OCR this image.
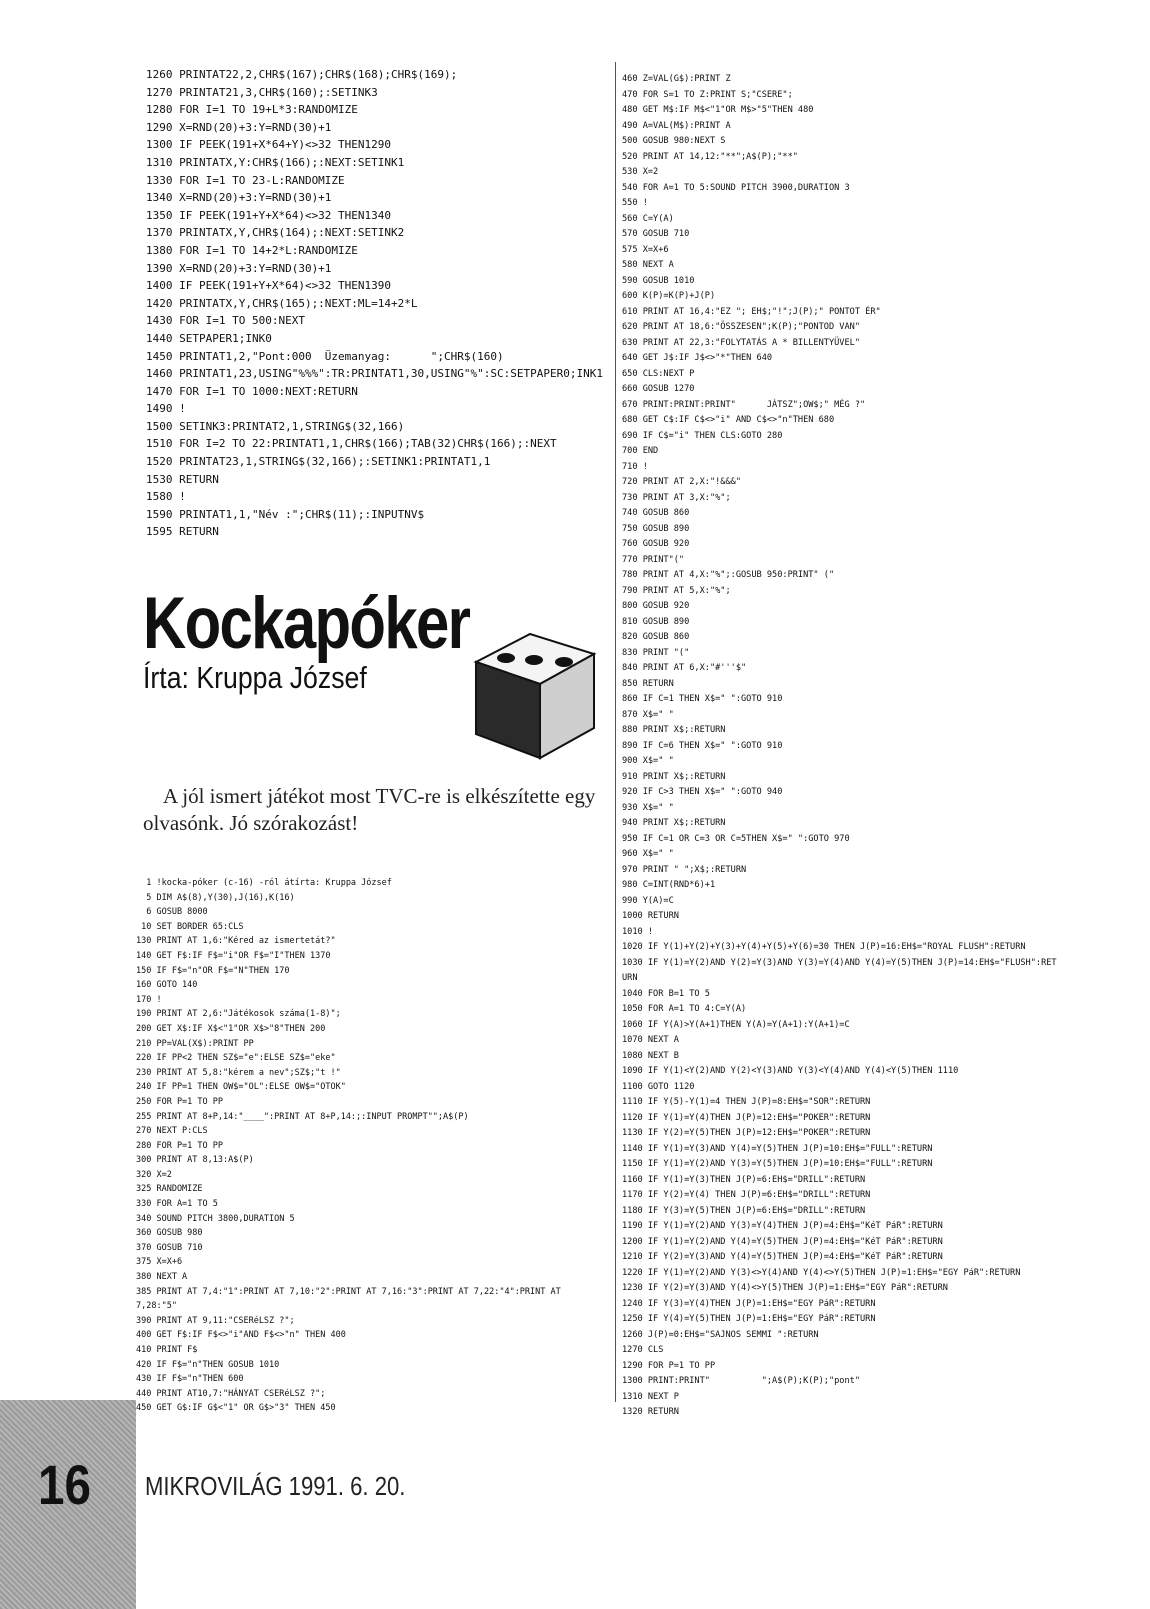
1260 PRINTAT22,2,CHR$(167);CHR$(168);CHR$(169);
1270 PRINTAT21,3,CHR$(160);:SETINK3
1280 FOR I=1 TO 19+L*3:RANDOMIZE
1290 X=RND(20)+3:Y=RND(30)+1
1300 IF PEEK(191+X*64+Y)<>32 THEN1290
1310 PRINTATX,Y:CHR$(166);:NEXT:SETINK1
1330 FOR I=1 TO 23-L:RANDOMIZE
1340 X=RND(20)+3:Y=RND(30)+1
1350 IF PEEK(191+Y+X*64)<>32 THEN1340
1370 PRINTATX,Y,CHR$(164);:NEXT:SETINK2
1380 FOR I=1 TO 14+2*L:RANDOMIZE
1390 X=RND(20)+3:Y=RND(30)+1
1400 IF PEEK(191+Y+X*64)<>32 THEN1390
1420 PRINTATX,Y,CHR$(165);:NEXT:ML=14+2*L
1430 FOR I=1 TO 500:NEXT
1440 SETPAPER1;INK0
1450 PRINTAT1,2,"Pont:000  Üzemanyag:      ";CHR$(160)
1460 PRINTAT1,23,USING"%%%":TR:PRINTAT1,30,USING"%":SC:SETPAPER0;INK1
1470 FOR I=1 TO 1000:NEXT:RETURN
1490 !
1500 SETINK3:PRINTAT2,1,STRING$(32,166)
1510 FOR I=2 TO 22:PRINTAT1,1,CHR$(166);TAB(32)CHR$(166);:NEXT
1520 PRINTAT23,1,STRING$(32,166);:SETINK1:PRINTAT1,1
1530 RETURN
1580 !
1590 PRINTAT1,1,"Név :";CHR$(11);:INPUTNV$
1595 RETURN
Kockapóker
Írta: Kruppa József
A jól ismert játékot most TVC-re is elkészítette egy olvasónk. Jó szórakozást!
1 !kocka-póker (c-16) -ról átírta: Kruppa József
5 DIM A$(8),Y(30),J(16),K(16)
6 GOSUB 8000
10 SET BORDER 65:CLS
130 PRINT AT 1,6:"Kéred az ismertetát?"
140 GET F$:IF F$="i"OR F$="I"THEN 1370
150 IF F$="n"OR F$="N"THEN 170
160 GOTO 140
170 !
190 PRINT AT 2,6:"Játékosok száma(1-8)";
200 GET X$:IF X$<"1"OR X$>"8"THEN 200
210 PP=VAL(X$):PRINT PP
220 IF PP<2 THEN SZ$="e":ELSE SZ$="eke"
230 PRINT AT 5,8:"kérem a nev";SZ$;"t !"
240 IF PP=1 THEN OW$="OL":ELSE OW$="OTOK"
250 FOR P=1 TO PP
255 PRINT AT 8+P,14:"____":PRINT AT 8+P,14:;:INPUT PROMPT"";A$(P)
270 NEXT P:CLS
280 FOR P=1 TO PP
300 PRINT AT 8,13:A$(P)
320 X=2
325 RANDOMIZE
330 FOR A=1 TO 5
340 SOUND PITCH 3800,DURATION 5
360 GOSUB 980
370 GOSUB 710
375 X=X+6
380 NEXT A
385 PRINT AT 7,4:"1":PRINT AT 7,10:"2":PRINT AT 7,16:"3":PRINT AT 7,22:"4":PRINT AT
7,28:"5"
390 PRINT AT 9,11:"CSERéLSZ ?";
400 GET F$:IF F$<>"i"AND F$<>"n" THEN 400
410 PRINT F$
420 IF F$="n"THEN GOSUB 1010
430 IF F$="n"THEN 600
440 PRINT AT10,7:"HÁNYAT CSERéLSZ ?";
450 GET G$:IF G$<"1" OR G$>"3" THEN 450
460 Z=VAL(G$):PRINT Z
470 FOR S=1 TO Z:PRINT S;"CSERE";
480 GET M$:IF M$<"1"OR M$>"5"THEN 480
490 A=VAL(M$):PRINT A
500 GOSUB 980:NEXT S
520 PRINT AT 14,12:"**";A$(P);"**"
530 X=2
540 FOR A=1 TO 5:SOUND PITCH 3900,DURATION 3
550 !
560 C=Y(A)
570 GOSUB 710
575 X=X+6
580 NEXT A
590 GOSUB 1010
600 K(P)=K(P)+J(P)
610 PRINT AT 16,4:"EZ "; EH$;"!";J(P);" PONTOT ÉR"
620 PRINT AT 18,6:"ÖSSZESEN";K(P);"PONTOD VAN"
630 PRINT AT 22,3:"FOLYTATÁS A * BILLENTYÜVEL"
640 GET J$:IF J$<>"*"THEN 640
650 CLS:NEXT P
660 GOSUB 1270
670 PRINT:PRINT:PRINT"      JÁTSZ";OW$;" MÉG ?"
680 GET C$:IF C$<>"i" AND C$<>"n"THEN 680
690 IF C$="i" THEN CLS:GOTO 280
700 END
710 !
720 PRINT AT 2,X:"!&&&"
730 PRINT AT 3,X:"%";
740 GOSUB 860
750 GOSUB 890
760 GOSUB 920
770 PRINT"("
780 PRINT AT 4,X:"%";:GOSUB 950:PRINT" ("
790 PRINT AT 5,X:"%";
800 GOSUB 920
810 GOSUB 890
820 GOSUB 860
830 PRINT "("
840 PRINT AT 6,X:"#'''$"
850 RETURN
860 IF C=1 THEN X$=" ":GOTO 910
870 X$=" "
880 PRINT X$;:RETURN
890 IF C=6 THEN X$=" ":GOTO 910
900 X$=" "
910 PRINT X$;:RETURN
920 IF C>3 THEN X$=" ":GOTO 940
930 X$=" "
940 PRINT X$;:RETURN
950 IF C=1 OR C=3 OR C=5THEN X$=" ":GOTO 970
960 X$=" "
970 PRINT " ";X$;:RETURN
980 C=INT(RND*6)+1
990 Y(A)=C
1000 RETURN
1010 !
1020 IF Y(1)+Y(2)+Y(3)+Y(4)+Y(5)+Y(6)=30 THEN J(P)=16:EH$="ROYAL FLUSH":RETURN
1030 IF Y(1)=Y(2)AND Y(2)=Y(3)AND Y(3)=Y(4)AND Y(4)=Y(5)THEN J(P)=14:EH$="FLUSH":RET
URN
1040 FOR B=1 TO 5
1050 FOR A=1 TO 4:C=Y(A)
1060 IF Y(A)>Y(A+1)THEN Y(A)=Y(A+1):Y(A+1)=C
1070 NEXT A
1080 NEXT B
1090 IF Y(1)<Y(2)AND Y(2)<Y(3)AND Y(3)<Y(4)AND Y(4)<Y(5)THEN 1110
1100 GOTO 1120
1110 IF Y(5)-Y(1)=4 THEN J(P)=8:EH$="SOR":RETURN
1120 IF Y(1)=Y(4)THEN J(P)=12:EH$="POKER":RETURN
1130 IF Y(2)=Y(5)THEN J(P)=12:EH$="POKER":RETURN
1140 IF Y(1)=Y(3)AND Y(4)=Y(5)THEN J(P)=10:EH$="FULL":RETURN
1150 IF Y(1)=Y(2)AND Y(3)=Y(5)THEN J(P)=10:EH$="FULL":RETURN
1160 IF Y(1)=Y(3)THEN J(P)=6:EH$="DRILL":RETURN
1170 IF Y(2)=Y(4) THEN J(P)=6:EH$="DRILL":RETURN
1180 IF Y(3)=Y(5)THEN J(P)=6:EH$="DRILL":RETURN
1190 IF Y(1)=Y(2)AND Y(3)=Y(4)THEN J(P)=4:EH$="KéT PáR":RETURN
1200 IF Y(1)=Y(2)AND Y(4)=Y(5)THEN J(P)=4:EH$="KéT PáR":RETURN
1210 IF Y(2)=Y(3)AND Y(4)=Y(5)THEN J(P)=4:EH$="KéT PáR":RETURN
1220 IF Y(1)=Y(2)AND Y(3)<>Y(4)AND Y(4)<>Y(5)THEN J(P)=1:EH$="EGY PáR":RETURN
1230 IF Y(2)=Y(3)AND Y(4)<>Y(5)THEN J(P)=1:EH$="EGY PáR":RETURN
1240 IF Y(3)=Y(4)THEN J(P)=1:EH$="EGY PáR":RETURN
1250 IF Y(4)=Y(5)THEN J(P)=1:EH$="EGY PáR":RETURN
1260 J(P)=0:EH$="SAJNOS SEMMI ":RETURN
1270 CLS
1290 FOR P=1 TO PP
1300 PRINT:PRINT"          ";A$(P);K(P);"pont"
1310 NEXT P
1320 RETURN
16 MIKROVILÁG 1991. 6. 20.
